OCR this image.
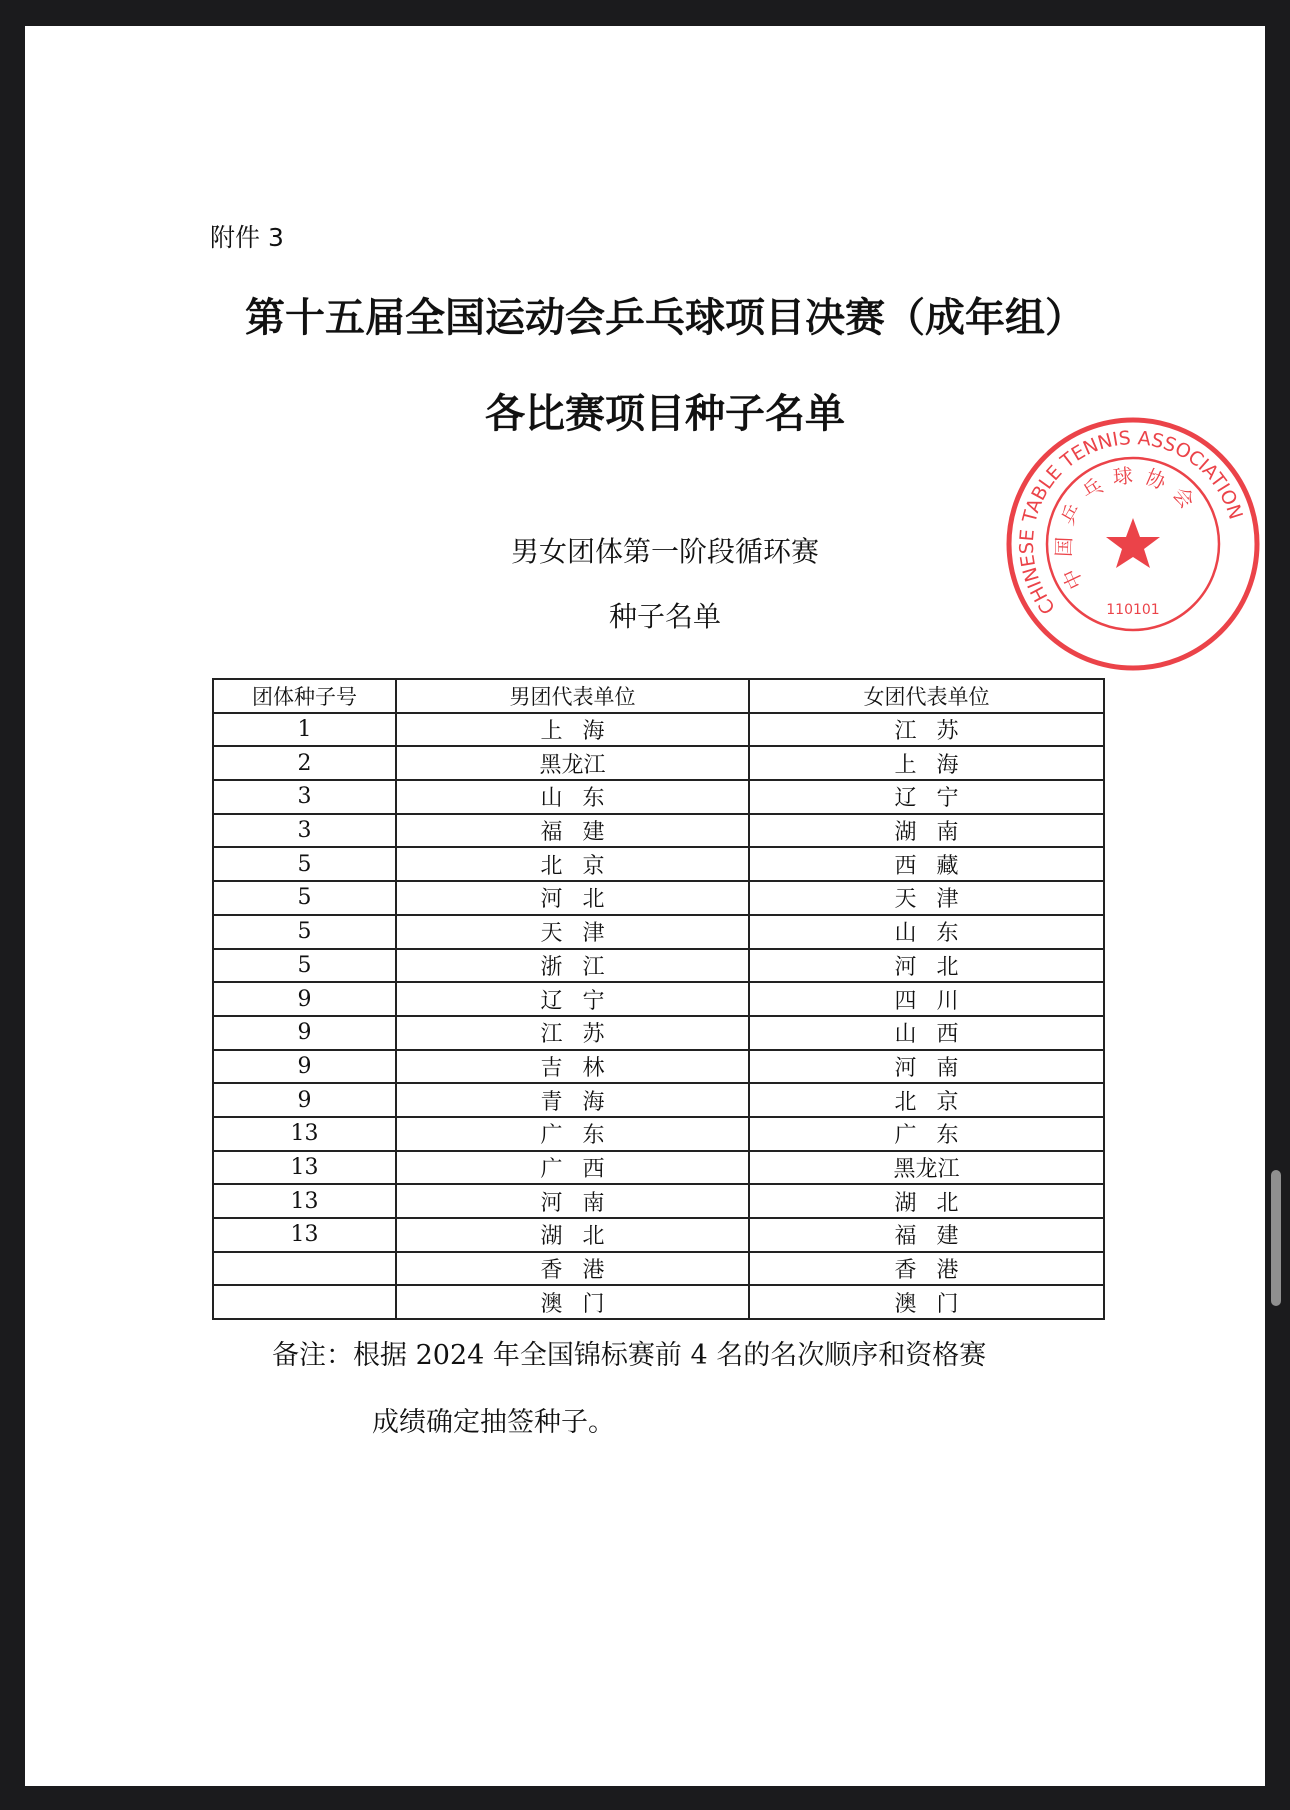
附件 3
第十五届全国运动会乒乓球项目决赛（成年组）
各比赛项目种子名单
男女团体第一阶段循环赛
种子名单
团体种子号	男团代表单位	女团代表单位
1	上海	江苏
2	黑龙江	上海
3	山东	辽宁
3	福建	湖南
5	北京	西藏
5	河北	天津
5	天津	山东
5	浙江	河北
9	辽宁	四川
9	江苏	山西
9	吉林	河南
9	青海	北京
13	广东	广东
13	广西	黑龙江
13	河南	湖北
13	湖北	福建
	香港	香港
	澳门	澳门
备注：根据 2024 年全国锦标赛前 4 名的名次顺序和资格赛
成绩确定抽签种子。
CHINESE TABLE TENNIS ASSOCIATION
中国乒乓球协会
110101
